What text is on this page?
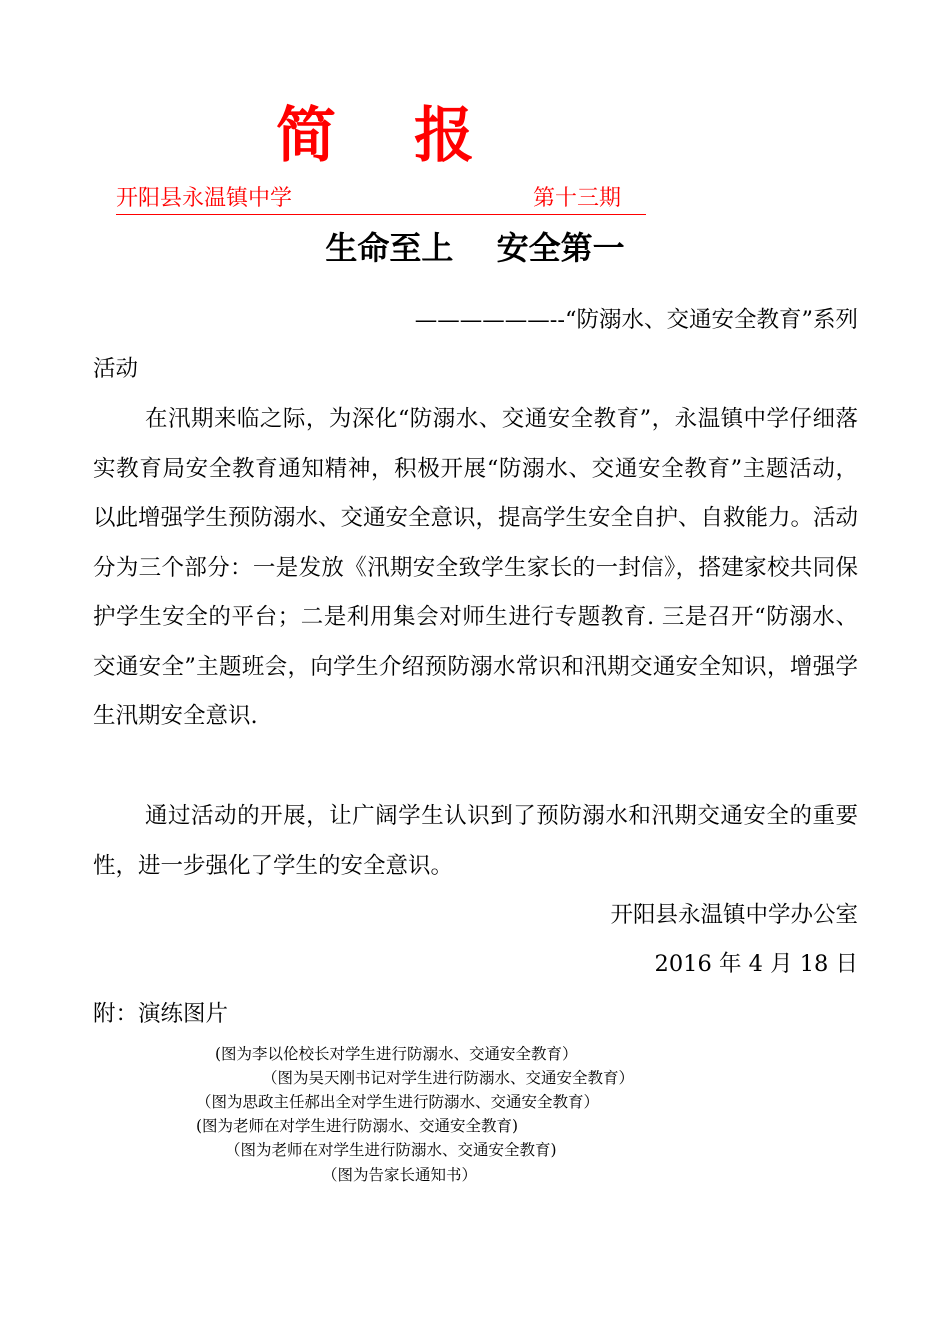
简报
开阳县永温镇中学	第十三期
生命至上　 安全第一
——————--“防溺水、交通安全教育”系列
活动
在汛期来临之际，为深化“防溺水、交通安全教育”，永温镇中学仔细落实教育局安全教育通知精神，积极开展“防溺水、交通安全教育”主题活动，以此增强学生预防溺水、交通安全意识，提高学生安全自护、自救能力。活动分为三个部分：一是发放《汛期安全致学生家长的一封信》，搭建家校共同保护学生安全的平台；二是利用集会对师生进行专题教育. 三是召开“防溺水、交通安全”主题班会，向学生介绍预防溺水常识和汛期交通安全知识，增强学生汛期安全意识.
通过活动的开展，让广阔学生认识到了预防溺水和汛期交通安全的重要性，进一步强化了学生的安全意识。
开阳县永温镇中学办公室
2016 年 4 月 18 日
附：演练图片
(图为李以伦校长对学生进行防溺水、交通安全教育）
（图为吴天刚书记对学生进行防溺水、交通安全教育）
（图为思政主任郝出全对学生进行防溺水、交通安全教育）
(图为老师在对学生进行防溺水、交通安全教育)
（图为老师在对学生进行防溺水、交通安全教育)
（图为告家长通知书）
